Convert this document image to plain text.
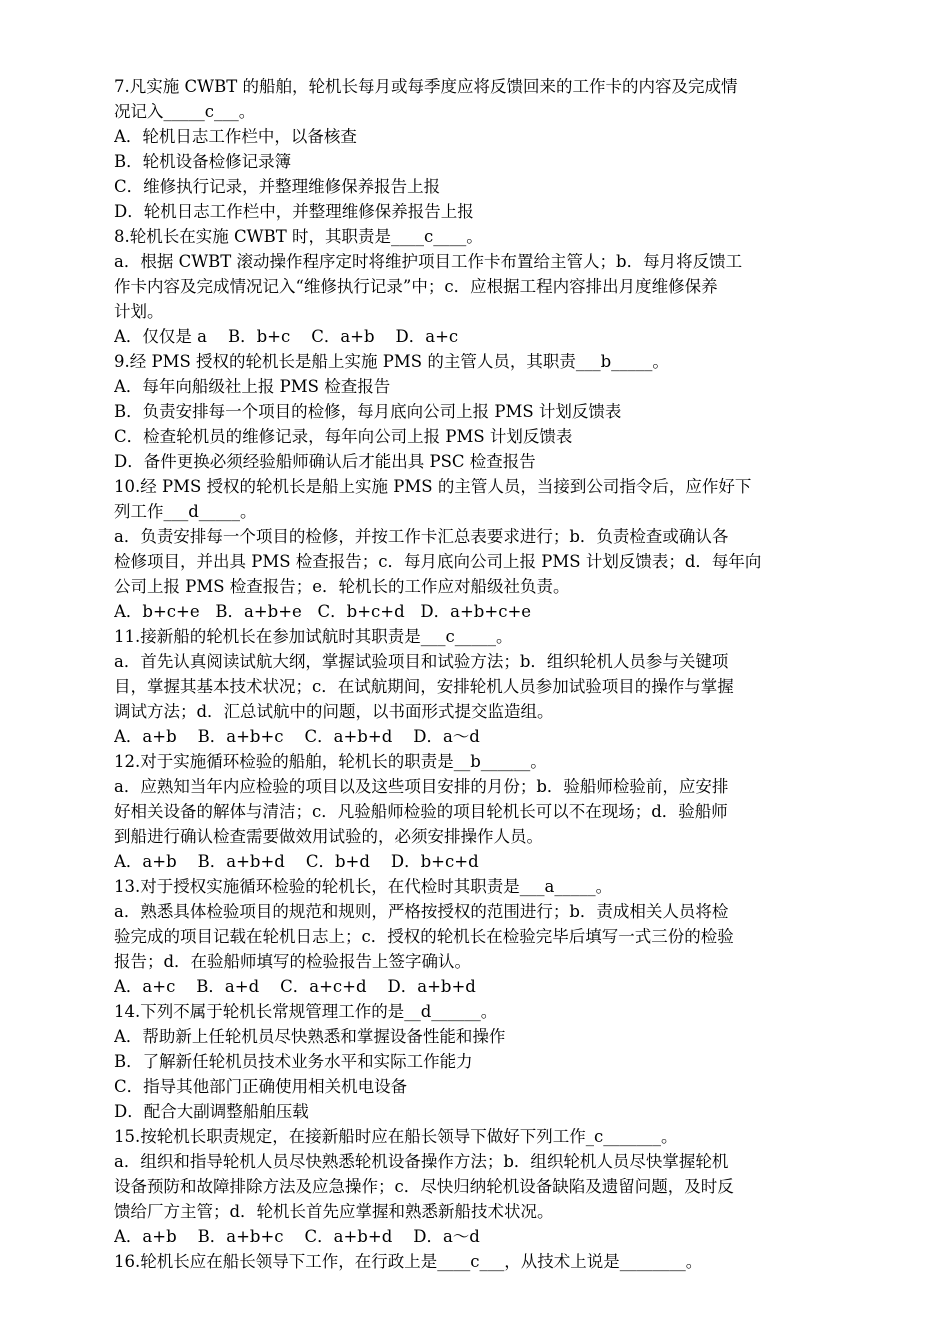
7.凡实施 CWBT 的船舶，轮机长每月或每季度应将反馈回来的工作卡的内容及完成情
况记入_____c___。
A．轮机日志工作栏中，以备核查
B．轮机设备检修记录簿
C．维修执行记录，并整理维修保养报告上报
D．轮机日志工作栏中，并整理维修保养报告上报
8.轮机长在实施 CWBT 时，其职责是____c____。
a．根据 CWBT 滚动操作程序定时将维护项目工作卡布置给主管人；b．每月将反馈工
作卡内容及完成情况记入“维修执行记录”中；c．应根据工程内容排出月度维修保养
计划。
A．仅仅是 a    B．b+c    C．a+b    D．a+c
9.经 PMS 授权的轮机长是船上实施 PMS 的主管人员，其职责___b_____。
A．每年向船级社上报 PMS 检查报告
B．负责安排每一个项目的检修，每月底向公司上报 PMS 计划反馈表
C．检查轮机员的维修记录，每年向公司上报 PMS 计划反馈表
D．备件更换必须经验船师确认后才能出具 PSC 检查报告
10.经 PMS 授权的轮机长是船上实施 PMS 的主管人员，当接到公司指令后，应作好下
列工作___d_____。
a．负责安排每一个项目的检修，并按工作卡汇总表要求进行；b．负责检查或确认各
检修项目，并出具 PMS 检查报告；c．每月底向公司上报 PMS 计划反馈表；d．每年向
公司上报 PMS 检查报告；e．轮机长的工作应对船级社负责。
A．b+c+e   B．a+b+e   C．b+c+d   D．a+b+c+e
11.接新船的轮机长在参加试航时其职责是___c_____。
a．首先认真阅读试航大纲，掌握试验项目和试验方法；b．组织轮机人员参与关键项
目，掌握其基本技术状况；c．在试航期间，安排轮机人员参加试验项目的操作与掌握
调试方法；d．汇总试航中的问题，以书面形式提交监造组。
A．a+b    B．a+b+c    C．a+b+d    D．a～d
12.对于实施循环检验的船舶，轮机长的职责是__b______。
a．应熟知当年内应检验的项目以及这些项目安排的月份；b．验船师检验前，应安排
好相关设备的解体与清洁；c．凡验船师检验的项目轮机长可以不在现场；d．验船师
到船进行确认检查需要做效用试验的，必须安排操作人员。
A．a+b    B．a+b+d    C．b+d    D．b+c+d
13.对于授权实施循环检验的轮机长，在代检时其职责是___a_____。
a．熟悉具体检验项目的规范和规则，严格按授权的范围进行；b．责成相关人员将检
验完成的项目记载在轮机日志上；c．授权的轮机长在检验完毕后填写一式三份的检验
报告；d．在验船师填写的检验报告上签字确认。
A．a+c    B．a+d    C．a+c+d    D．a+b+d
14.下列不属于轮机长常规管理工作的是__d______。
A．帮助新上任轮机员尽快熟悉和掌握设备性能和操作
B．了解新任轮机员技术业务水平和实际工作能力
C．指导其他部门正确使用相关机电设备
D．配合大副调整船舶压载
15.按轮机长职责规定，在接新船时应在船长领导下做好下列工作_c_______。
a．组织和指导轮机人员尽快熟悉轮机设备操作方法；b．组织轮机人员尽快掌握轮机
设备预防和故障排除方法及应急操作；c．尽快归纳轮机设备缺陷及遗留问题，及时反
馈给厂方主管；d．轮机长首先应掌握和熟悉新船技术状况。
A．a+b    B．a+b+c    C．a+b+d    D．a～d
16.轮机长应在船长领导下工作，在行政上是____c___，从技术上说是________。
